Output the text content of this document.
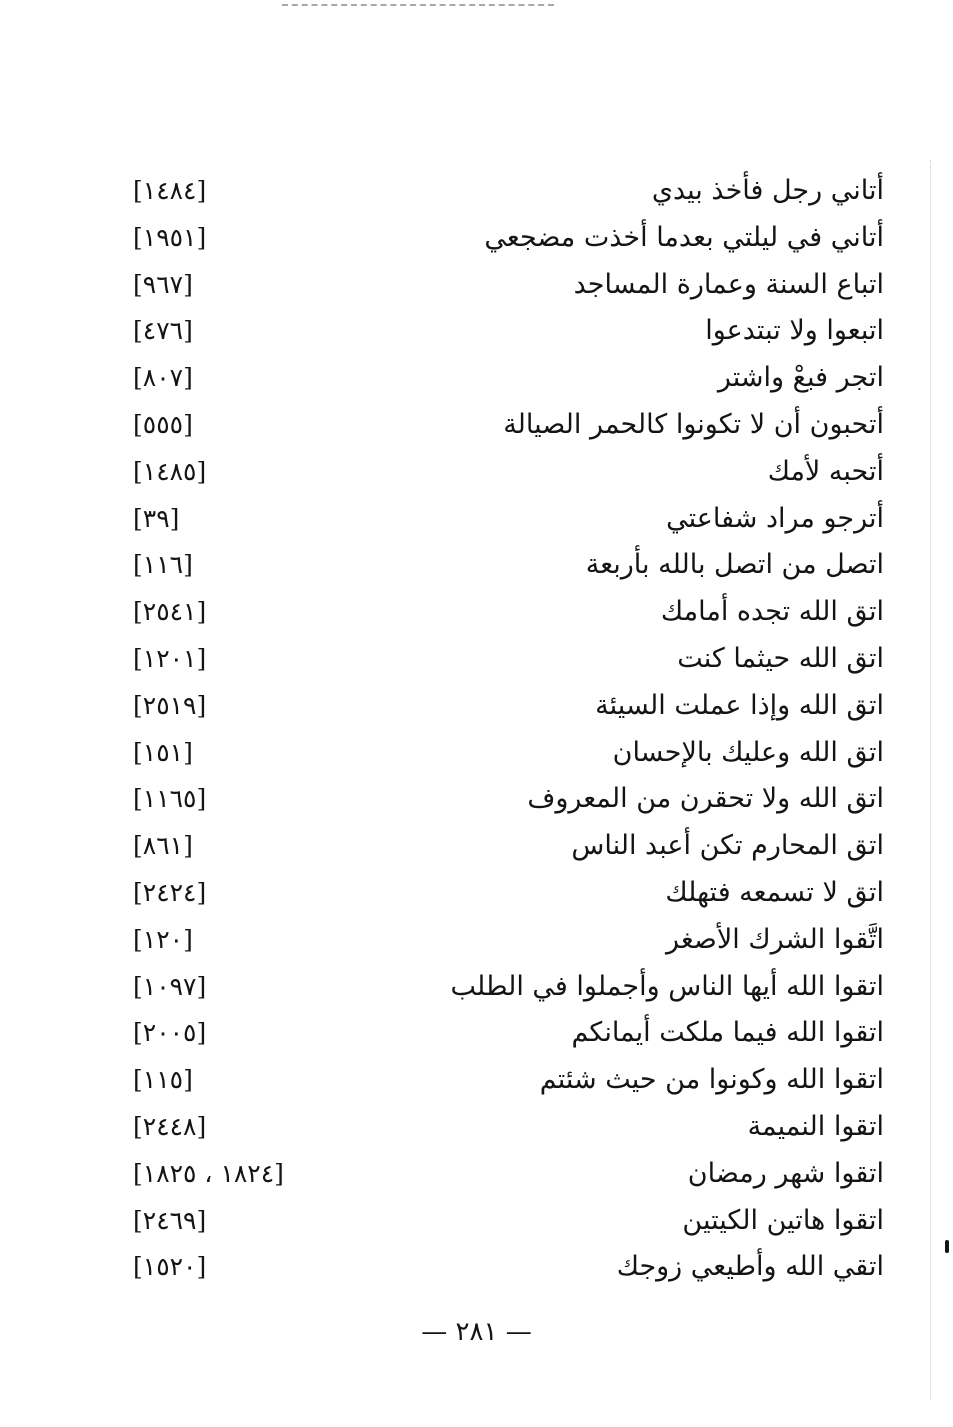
أتاني رجل فأخذ بيدي
[١٤٨٤]
أتاني في ليلتي بعدما أخذت مضجعي
[١٩٥١]
اتباع السنة وعمارة المساجد
[٩٦٧]
اتبعوا ولا تبتدعوا
[٤٧٦]
اتجر فبعْ واشتر
[٨٠٧]
أتحبون أن لا تكونوا كالحمر الصيالة
[٥٥٥]
أتحبه لأمك
[١٤٨٥]
أترجو مراد شفاعتي
[٣٩]
اتصل من اتصل بالله بأربعة
[١١٦]
اتق الله تجده أمامك
[٢٥٤١]
اتق الله حيثما كنت
[١٢٠١]
اتق الله وإذا عملت السيئة
[٢٥١٩]
اتق الله وعليك بالإحسان
[١٥١]
اتق الله ولا تحقرن من المعروف
[١١٦٥]
اتق المحارم تكن أعبد الناس
[٨٦١]
اتق لا تسمعه فتهلك
[٢٤٢٤]
اتَّقوا الشرك الأصغر
[١٢٠]
اتقوا الله أيها الناس وأجملوا في الطلب
[١٠٩٧]
اتقوا الله فيما ملكت أيمانكم
[٢٠٠٥]
اتقوا الله وكونوا من حيث شئتم
[١١٥]
اتقوا النميمة
[٢٤٤٨]
اتقوا شهر رمضان
[١٨٢٤ ، ١٨٢٥]
اتقوا هاتين الكيتين
[٢٤٦٩]
اتقي الله وأطيعي زوجك
[١٥٢٠]
— ٢٨١ —
